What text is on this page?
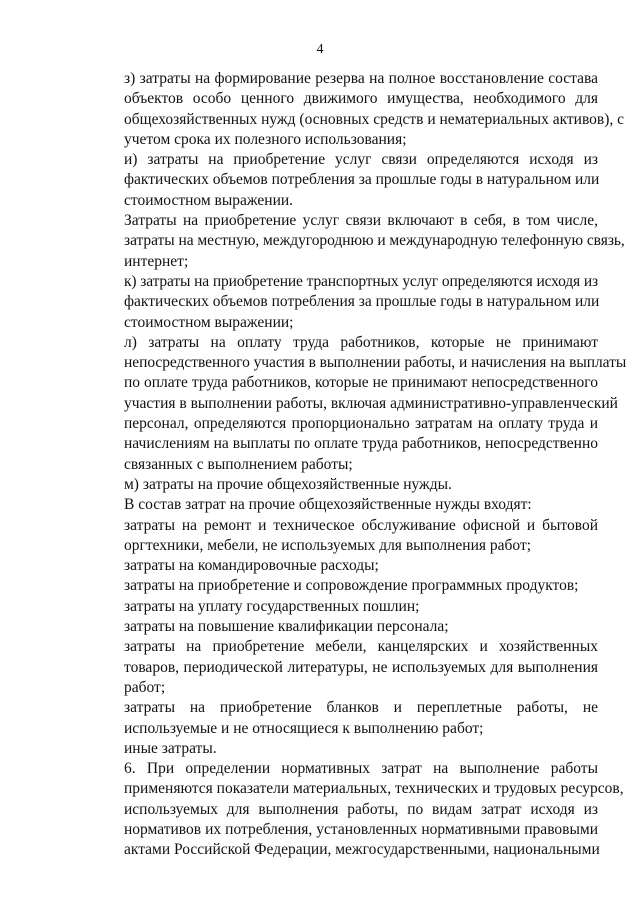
4

з) затраты на формирование резерва на полное восстановление состава
объектов особо ценного движимого имущества, необходимого для
общехозяйственных нужд (основных средств и нематериальных активов), с
учетом срока их полезного использования;

и) затраты на приобретение услуг связи определяются исходя из
фактических объемов потребления за прошлые годы в натуральном или
стоимостном выражении.

Затраты на приобретение услуг связи включают в себя, в том числе,
затраты на местную, междугороднюю и международную телефонную связь,
интернет;

к) затраты на приобретение транспортных услуг определяются исходя из
фактических объемов потребления за прошлые годы в натуральном или
стоимостном выражении;

л) затраты на оплату труда работников, которые не принимают
непосредственного участия в выполнении работы, и начисления на выплаты
по оплате труда работников, которые не принимают непосредственного
участия в выполнении работы, включая административно-управленческий
персонал, определяются пропорционально затратам на оплату труда и
начислениям на выплаты по оплате труда работников, непосредственно
связанных с выполнением работы;

м) затраты на прочие общехозяйственные нужды.

В состав затрат на прочие общехозяйственные нужды входят:

затраты на ремонт и техническое обслуживание офисной и бытовой
оргтехники, мебели, не используемых для выполнения работ;

затраты на командировочные расходы;

затраты на приобретение и сопровождение программных продуктов;

затраты на уплату государственных пошлин;

затраты на повышение квалификации персонала;

затраты на приобретение мебели, канцелярских и хозяйственных
товаров, периодической литературы, не используемых для выполнения
работ;

затраты на приобретение бланков и переплетные работы, не
используемые и не относящиеся к выполнению работ;

иные затраты.

6. При определении нормативных затрат на выполнение работы
применяются показатели материальных, технических и трудовых ресурсов,
используемых для выполнения работы, по видам затрат исходя из
нормативов их потребления, установленных нормативными правовыми
актами Российской Федерации, межгосударственными, национальными
